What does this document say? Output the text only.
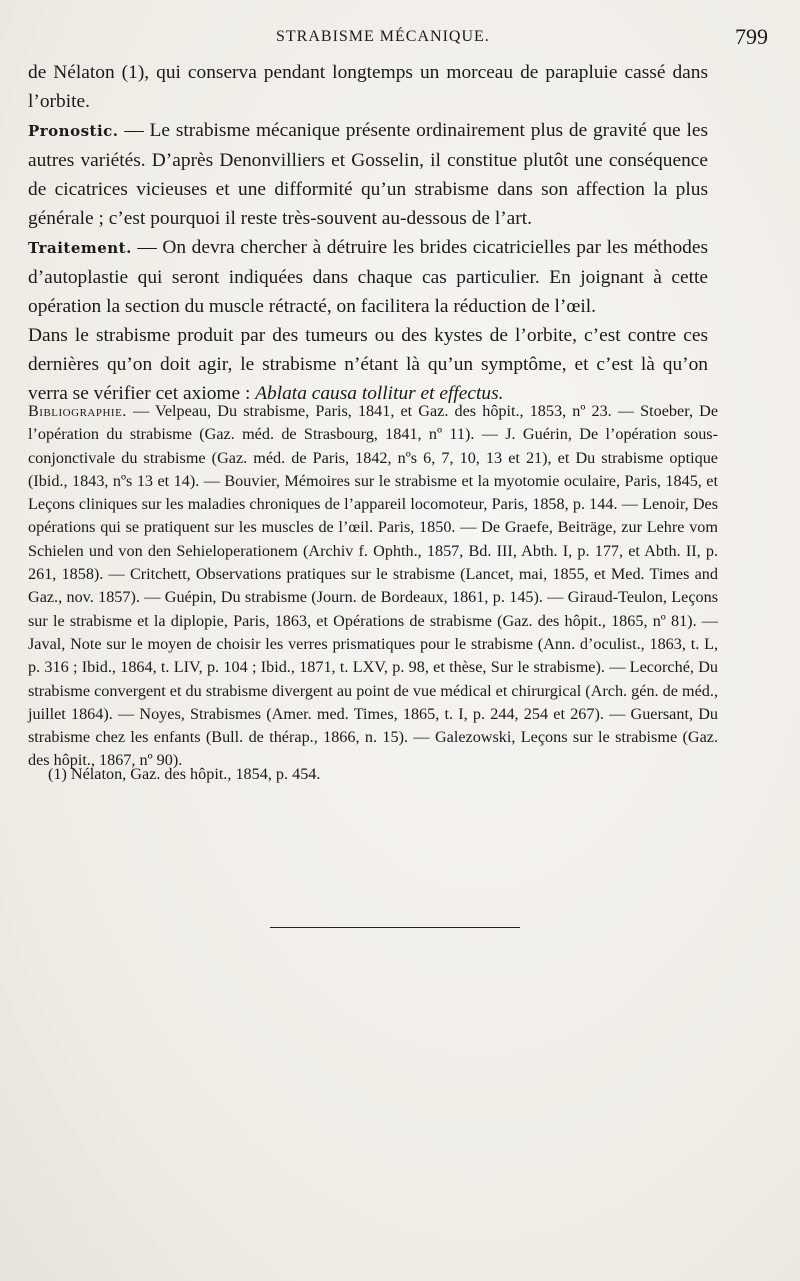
STRABISME MÉCANIQUE.	799

de Nélaton (1), qui conserva pendant longtemps un morceau de parapluie cassé dans l’orbite.

Pronostic. — Le strabisme mécanique présente ordinairement plus de gravité que les autres variétés. D’après Denonvilliers et Gosselin, il constitue plutôt une conséquence de cicatrices vicieuses et une difformité qu’un strabisme dans son affection la plus générale ; c’est pourquoi il reste très-souvent au-dessous de l’art.

Traitement. — On devra chercher à détruire les brides cicatricielles par les méthodes d’autoplastie qui seront indiquées dans chaque cas particulier. En joignant à cette opération la section du muscle rétracté, on facilitera la réduction de l’œil.

Dans le strabisme produit par des tumeurs ou des kystes de l’orbite, c’est contre ces dernières qu’on doit agir, le strabisme n’étant là qu’un symptôme, et c’est là qu’on verra se vérifier cet axiome : Ablata causa tollitur et effectus.

Bibliographie. — Velpeau, Du strabisme, Paris, 1841, et Gaz. des hôpit., 1853, nº 23. — Stoeber, De l’opération du strabisme (Gaz. méd. de Strasbourg, 1841, nº 11). — J. Guérin, De l’opération sous-conjonctivale du strabisme (Gaz. méd. de Paris, 1842, nºs 6, 7, 10, 13 et 21), et Du strabisme optique (Ibid., 1843, nºs 13 et 14). — Bouvier, Mémoires sur le strabisme et la myotomie oculaire, Paris, 1845, et Leçons cliniques sur les maladies chroniques de l’appareil locomoteur, Paris, 1858, p. 144. — Lenoir, Des opérations qui se pratiquent sur les muscles de l’œil. Paris, 1850. — De Graefe, Beiträge, zur Lehre vom Schielen und von den Sehieloperationem (Archiv f. Ophth., 1857, Bd. III, Abth. I, p. 177, et Abth. II, p. 261, 1858). — Critchett, Observations pratiques sur le strabisme (Lancet, mai, 1855, et Med. Times and Gaz., nov. 1857). — Guépin, Du strabisme (Journ. de Bordeaux, 1861, p. 145). — Giraud-Teulon, Leçons sur le strabisme et la diplopie, Paris, 1863, et Opérations de strabisme (Gaz. des hôpit., 1865, nº 81). — Javal, Note sur le moyen de choisir les verres prismatiques pour le strabisme (Ann. d’oculist., 1863, t. L, p. 316 ; Ibid., 1864, t. LIV, p. 104 ; Ibid., 1871, t. LXV, p. 98, et thèse, Sur le strabisme). — Lecorché, Du strabisme convergent et du strabisme divergent au point de vue médical et chirurgical (Arch. gén. de méd., juillet 1864). — Noyes, Strabismes (Amer. med. Times, 1865, t. I, p. 244, 254 et 267). — Guersant, Du strabisme chez les enfants (Bull. de thérap., 1866, n. 15). — Galezowski, Leçons sur le strabisme (Gaz. des hôpit., 1867, nº 90).
(1) Nélaton, Gaz. des hôpit., 1854, p. 454.
